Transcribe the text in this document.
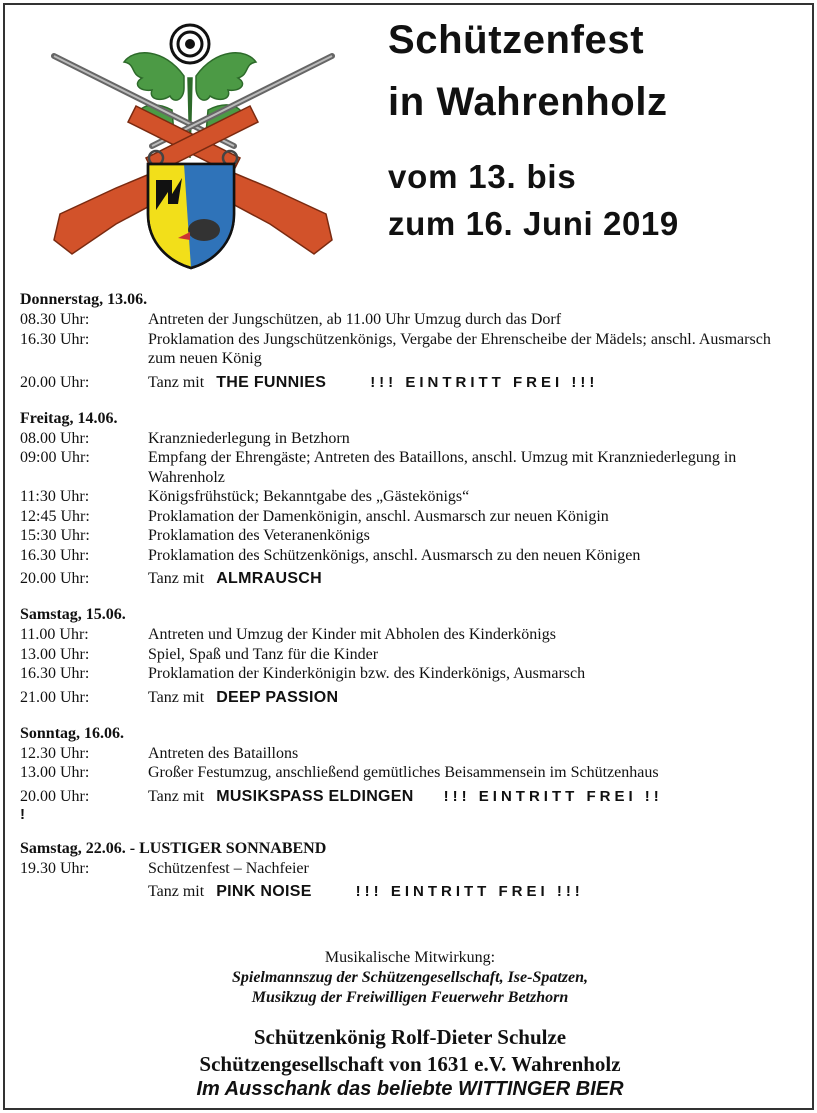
Schützenfest
in Wahrenholz
vom 13. bis
zum 16. Juni 2019
Donnerstag, 13.06.
08.30 Uhr:	Antreten der Jungschützen, ab 11.00 Uhr Umzug durch das Dorf
16.30 Uhr:	Proklamation des Jungschützenkönigs, Vergabe der Ehrenscheibe der Mädels; anschl. Ausmarsch zum neuen König
20.00 Uhr:	Tanz mit THE FUNNIES	!!! EINTRITT FREI !!!
Freitag, 14.06.
08.00 Uhr:	Kranzniederlegung in Betzhorn
09:00 Uhr:	Empfang der Ehrengäste; Antreten des Bataillons, anschl. Umzug mit Kranzniederlegung in Wahrenholz
11:30 Uhr:	Königsfrühstück; Bekanntgabe des „Gästekönigs“
12:45 Uhr:	Proklamation der Damenkönigin, anschl. Ausmarsch zur neuen Königin
15:30 Uhr:	Proklamation des Veteranenkönigs
16.30 Uhr:	Proklamation des Schützenkönigs, anschl. Ausmarsch zu den neuen Königen
20.00 Uhr:	Tanz mit ALMRAUSCH
Samstag, 15.06.
11.00 Uhr:	Antreten und Umzug der Kinder mit Abholen des Kinderkönigs
13.00 Uhr:	Spiel, Spaß und Tanz für die Kinder
16.30 Uhr:	Proklamation der Kinderkönigin bzw. des Kinderkönigs, Ausmarsch
21.00 Uhr:	Tanz mit DEEP PASSION
Sonntag, 16.06.
12.30 Uhr:	Antreten des Bataillons
13.00 Uhr:	Großer Festumzug, anschließend gemütliches Beisammensein im Schützenhaus
20.00 Uhr:	Tanz mit MUSIKSPASS ELDINGEN !!! EINTRITT FREI !!
!
Samstag, 22.06. - LUSTIGER SONNABEND
19.30 Uhr:	Schützenfest – Nachfeier
Tanz mit PINK NOISE	!!! EINTRITT FREI !!!
Musikalische Mitwirkung:
Spielmannszug der Schützengesellschaft, Ise-Spatzen,
Musikzug der Freiwilligen Feuerwehr Betzhorn
Schützenkönig Rolf-Dieter Schulze
Schützengesellschaft von 1631 e.V. Wahrenholz
Im Ausschank das beliebte WITTINGER BIER
